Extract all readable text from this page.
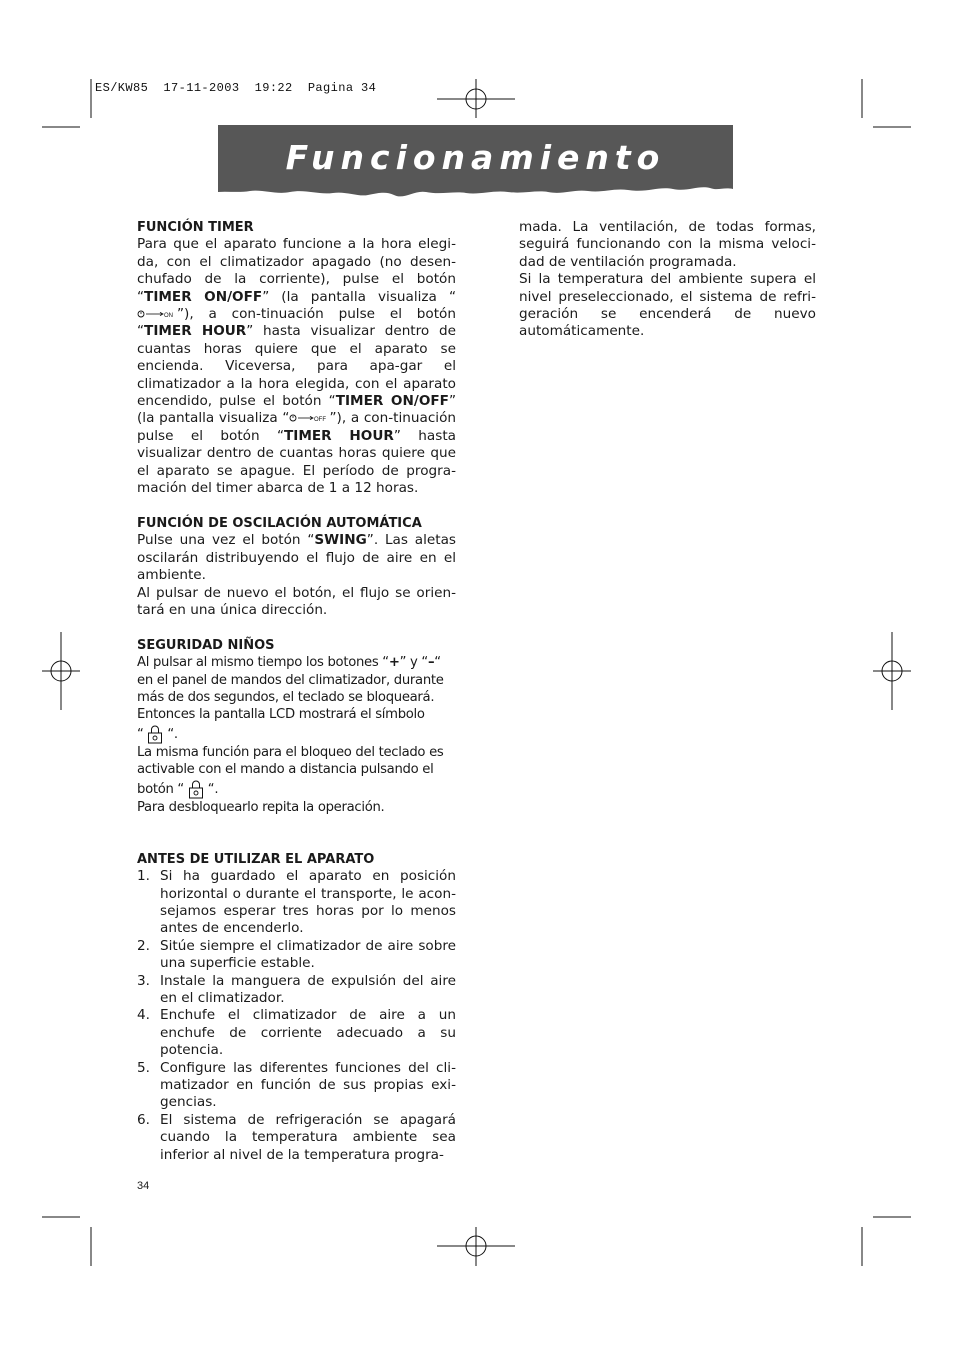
ES/KW85  17-11-2003  19:22  Pagina 34
Funcionamiento

FUNCIÓN TIMER

Para que el aparato funcione a la hora elegi-da, con el climatizador apagado (no desen-chufado de la corriente), pulse el botón “TIMER ON/OFF” (la pantalla visualiza “
ON ”), a con-tinuación pulse el botón “TIMER HOUR” hasta visualizar dentro de cuantas horas quiere que el aparato se encienda. Viceversa, para apa-gar el climatizador a la hora elegida, con el aparato encendido, pulse el botón “TIMER ON/OFF” (la pantalla visualiza “	OFF ”), a con-tinuación pulse el botón “TIMER HOUR” hasta visualizar dentro de cuantas horas quiere que el aparato se apague. El período de progra-mación del timer abarca de 1 a 12 horas.

FUNCIÓN DE OSCILACIÓN AUTOMÁTICA

Pulse una vez el botón “SWING”. Las aletas oscilarán distribuyendo el flujo de aire en el ambiente.

Al pulsar de nuevo el botón, el flujo se orien-tará en una única dirección.

SEGURIDAD NIÑOS

Al pulsar al mismo tiempo los botones “+” y “–“ en el panel de mandos del climatizador, durante más de dos segundos, el teclado se bloqueará. Entonces la pantalla LCD mostrará el símbolo
“ “.

La misma función para el bloqueo del teclado es activable con el mando a distancia pulsando el botón “ “.

Para desbloquearlo repita la operación.

ANTES DE UTILIZAR EL APARATO

1. Si ha guardado el aparato en posición horizontal o durante el transporte, le acon-sejamos esperar tres horas por lo menos antes de encenderlo.
2. Sitúe siempre el climatizador de aire sobre una superficie estable.
3. Instale la manguera de expulsión del aire en el climatizador.
4. Enchufe el climatizador de aire a un enchufe de corriente adecuado a su potencia.
5. Configure las diferentes funciones del cli-matizador en función de sus propias exi-gencias.
6. El sistema de refrigeración se apagará cuando la temperatura ambiente sea inferior al nivel de la temperatura progra-

mada. La ventilación, de todas formas, seguirá funcionando con la misma veloci-dad de ventilación programada.

Si la temperatura del ambiente supera el nivel preseleccionado, el sistema de refri-geración se encenderá de nuevo automáticamente.

34
